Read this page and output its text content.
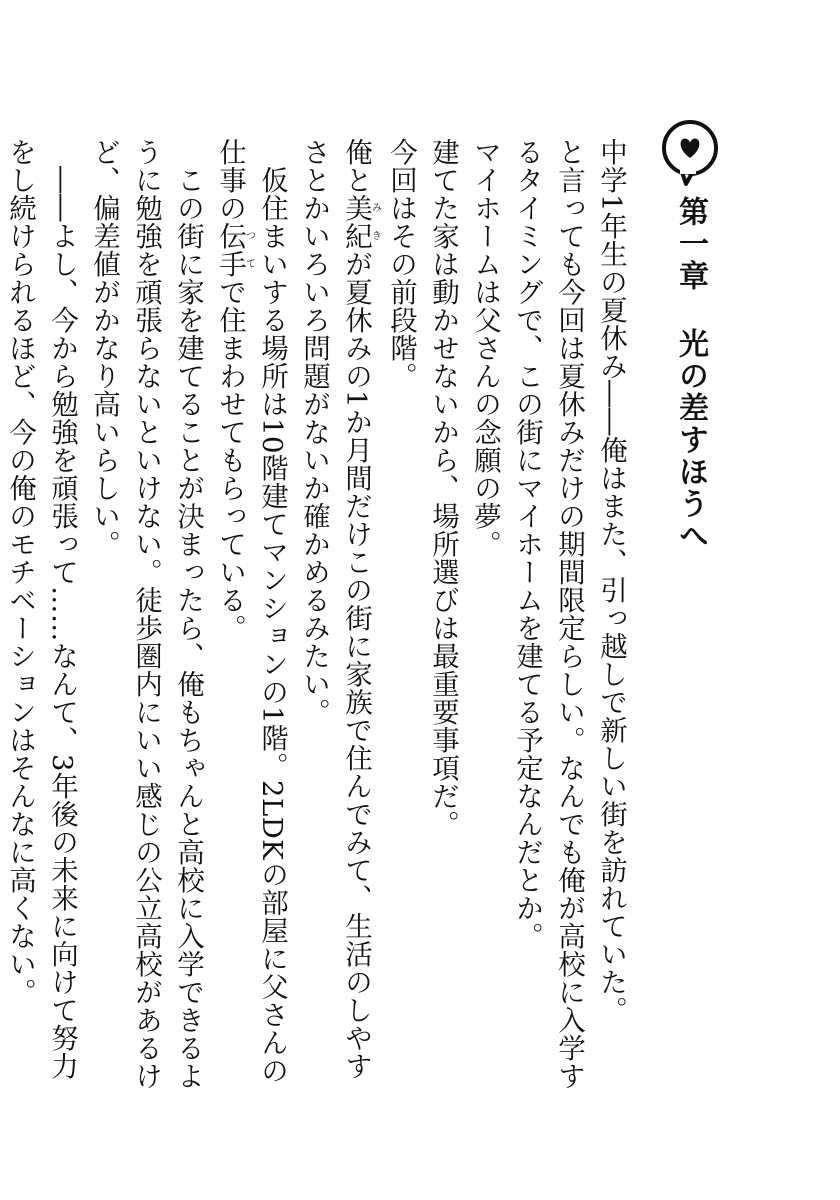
第一章光の差すほうへ

中学1年生の夏休み――俺はまた、引っ越しで新しい街を訪れていた。

と言っても今回は夏休みだけの期間限定らしい。なんでも俺が高校に入学するタイミングで、この街にマイホームを建てる予定なんだとか。

マイホームは父さんの念願の夢。

建てた家は動かせないから、場所選びは最重要事項だ。

今回はその前段階。

俺と美紀みきが夏休みの1か月間だけこの街に家族で住んでみて、生活のしやすさとかいろいろ問題がないか確かめるみたい。

仮住まいする場所は10階建てマンションの1階。2LDKの部屋に父さんの仕事の伝手つてで住まわせてもらっている。

この街に家を建てることが決まったら、俺もちゃんと高校に入学できるように勉強を頑張らないといけない。徒歩圏内にいい感じの公立高校があるけど、偏差値がかなり高いらしい。

――よし、今から勉強を頑張って……なんて、3年後の未来に向けて努力をし続けられるほど、今の俺のモチベーションはそんなに高くない。
